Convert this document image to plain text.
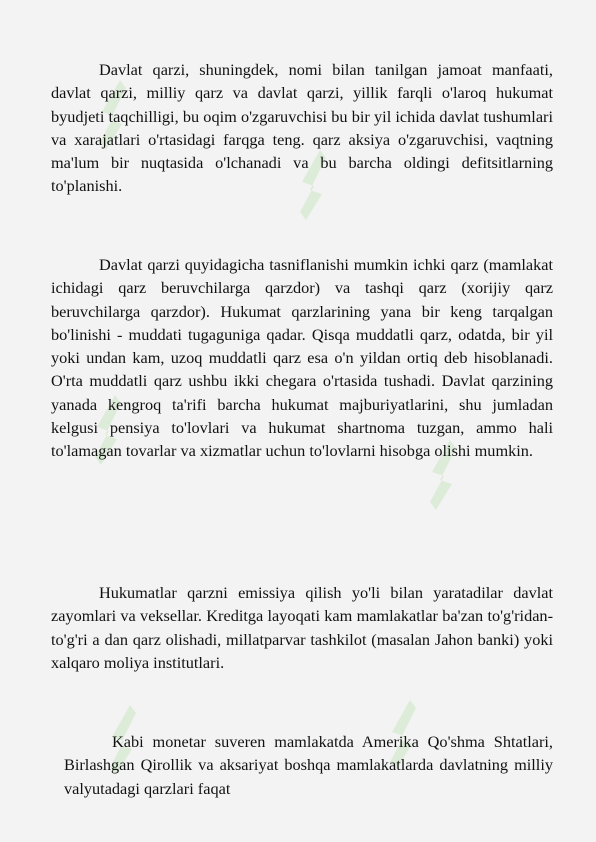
Davlat qarzi, shuningdek, nomi bilan tanilgan jamoat manfaati, davlat qarzi, milliy qarz va davlat qarzi, yillik farqli o'laroq hukumat byudjeti taqchilligi, bu oqim o'zgaruvchisi bu bir yil ichida davlat tushumlari va xarajatlari o'rtasidagi farqga teng. qarz aksiya o'zgaruvchisi, vaqtning ma'lum bir nuqtasida o'lchanadi va bu barcha oldingi defitsitlarning to'planishi.

Davlat qarzi quyidagicha tasniflanishi mumkin ichki qarz (mamlakat ichidagi qarz beruvchilarga qarzdor) va tashqi qarz (xorijiy qarz beruvchilarga qarzdor). Hukumat qarzlarining yana bir keng tarqalgan bo'linishi - muddati tugaguniga qadar. Qisqa muddatli qarz, odatda, bir yil yoki undan kam, uzoq muddatli qarz esa o'n yildan ortiq deb hisoblanadi. O'rta muddatli qarz ushbu ikki chegara o'rtasida tushadi. Davlat qarzining yanada kengroq ta'rifi barcha hukumat majburiyatlarini, shu jumladan kelgusi pensiya to'lovlari va hukumat shartnoma tuzgan, ammo hali to'lamagan tovarlar va xizmatlar uchun to'lovlarni hisobga olishi mumkin.

Hukumatlar qarzni emissiya qilish yo'li bilan yaratadilar davlat zayomlari va veksellar. Kreditga layoqati kam mamlakatlar ba'zan to'g'ridan-to'g'ri a dan qarz olishadi, millatparvar tashkilot (masalan Jahon banki) yoki xalqaro moliya institutlari.

Kabi monetar suveren mamlakatda Amerika Qo'shma Shtatlari, Birlashgan Qirollik va aksariyat boshqa mamlakatlarda davlatning milliy valyutadagi qarzlari faqat
